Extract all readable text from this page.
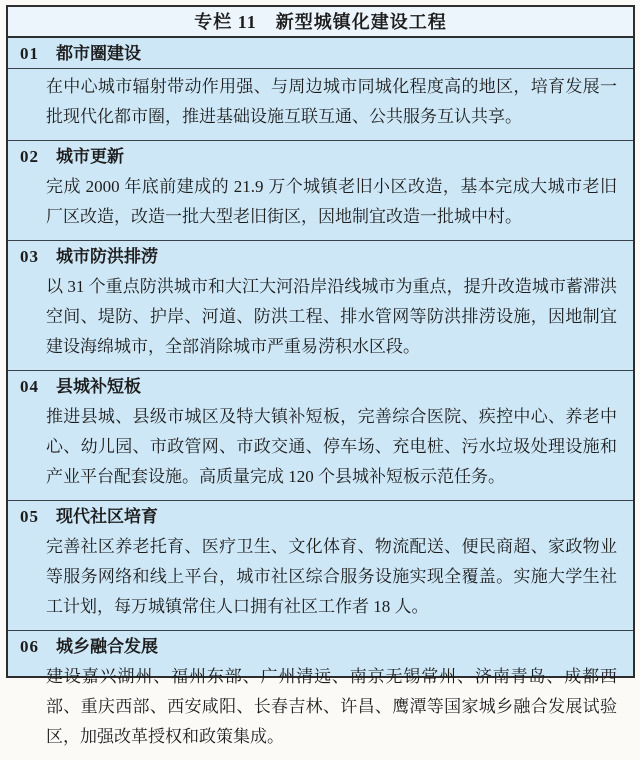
专栏 11　新型城镇化建设工程
01 都市圈建设
在中心城市辐射带动作用强、与周边城市同城化程度高的地区，培育发展一批现代化都市圈，推进基础设施互联互通、公共服务互认共享。
02 城市更新
完成 2000 年底前建成的 21.9 万个城镇老旧小区改造，基本完成大城市老旧厂区改造，改造一批大型老旧街区，因地制宜改造一批城中村。
03 城市防洪排涝
以 31 个重点防洪城市和大江大河沿岸沿线城市为重点，提升改造城市蓄滞洪空间、堤防、护岸、河道、防洪工程、排水管网等防洪排涝设施，因地制宜建设海绵城市，全部消除城市严重易涝积水区段。
04 县城补短板
推进县城、县级市城区及特大镇补短板，完善综合医院、疾控中心、养老中心、幼儿园、市政管网、市政交通、停车场、充电桩、污水垃圾处理设施和产业平台配套设施。高质量完成 120 个县城补短板示范任务。
05 现代社区培育
完善社区养老托育、医疗卫生、文化体育、物流配送、便民商超、家政物业等服务网络和线上平台，城市社区综合服务设施实现全覆盖。实施大学生社工计划，每万城镇常住人口拥有社区工作者 18 人。
06 城乡融合发展
建设嘉兴湖州、福州东部、广州清远、南京无锡常州、济南青岛、成都西部、重庆西部、西安咸阳、长春吉林、许昌、鹰潭等国家城乡融合发展试验区，加强改革授权和政策集成。
